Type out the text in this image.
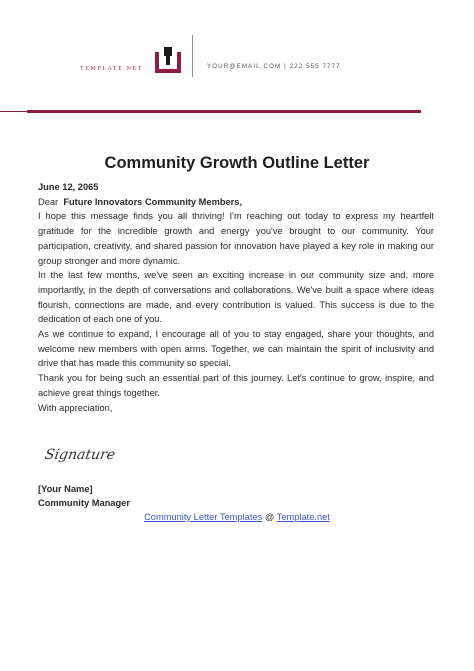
TEMPLATE.NET	YOUR@EMAIL.COM | 222 555 7777
Community Growth Outline Letter

June 12, 2065

Dear Future Innovators Community Members,

I hope this message finds you all thriving! I'm reaching out today to express my heartfelt gratitude for the incredible growth and energy you've brought to our community. Your participation, creativity, and shared passion for innovation have played a key role in making our group stronger and more dynamic.

In the last few months, we've seen an exciting increase in our community size and, more importantly, in the depth of conversations and collaborations. We've built a space where ideas flourish, connections are made, and every contribution is valued. This success is due to the dedication of each one of you.

As we continue to expand, I encourage all of you to stay engaged, share your thoughts, and welcome new members with open arms. Together, we can maintain the spirit of inclusivity and drive that has made this community so special.

Thank you for being such an essential part of this journey. Let's continue to grow, inspire, and achieve great things together.

With appreciation,

Signature
[Your Name]
Community Manager
Community Letter Templates @ Template.net
